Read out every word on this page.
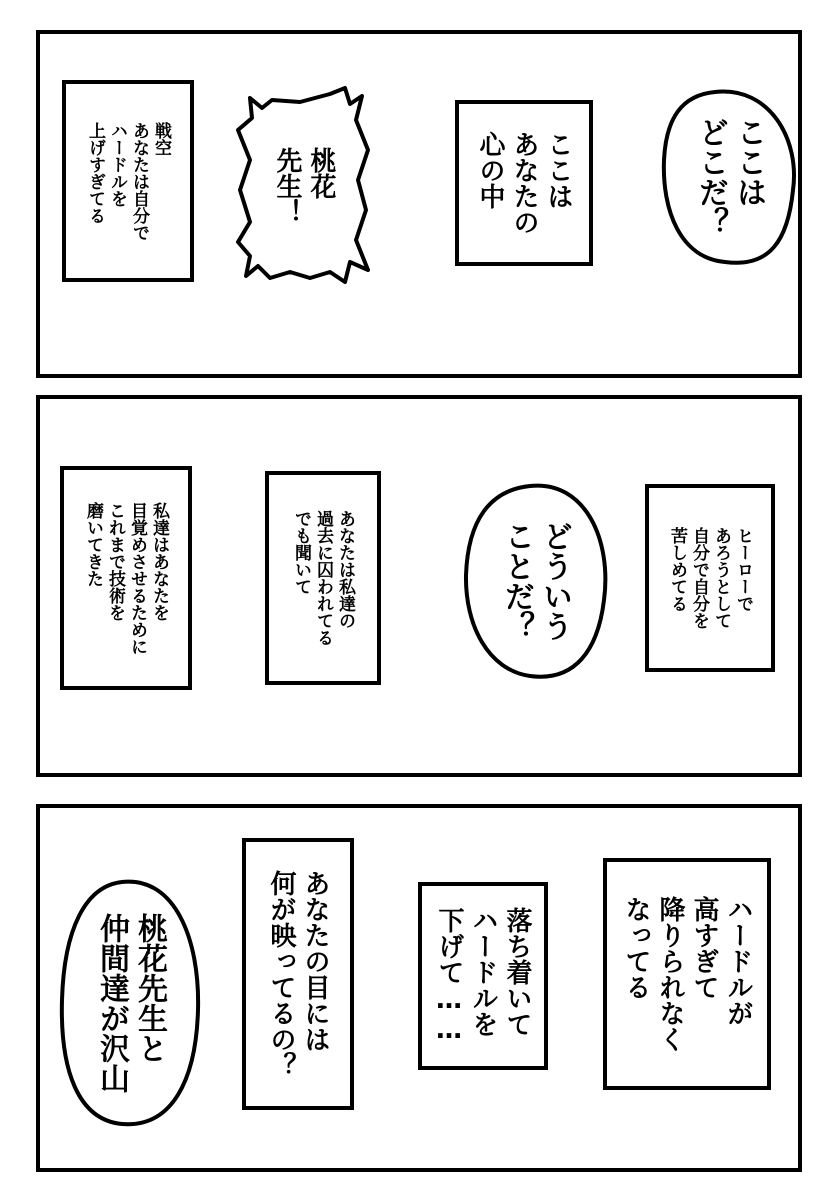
ここは
どこだ？
ここは
あなたの
心の中
桃花
先生！
戦空
あなたは自分で
ハードルを
上げすぎてる
ヒーローで
あろうとして
自分で自分を
苦しめてる
どういう
ことだ？
あなたは私達の
過去に囚われてる
でも聞いて
私達はあなたを
目覚めさせるために
これまで技術を
磨いてきた
ハードルが
高すぎて
降りられなく
なってる
落ち着いて
ハードルを
下げて……
あなたの目には
何が映ってるの？
桃花先生と
仲間達が沢山
